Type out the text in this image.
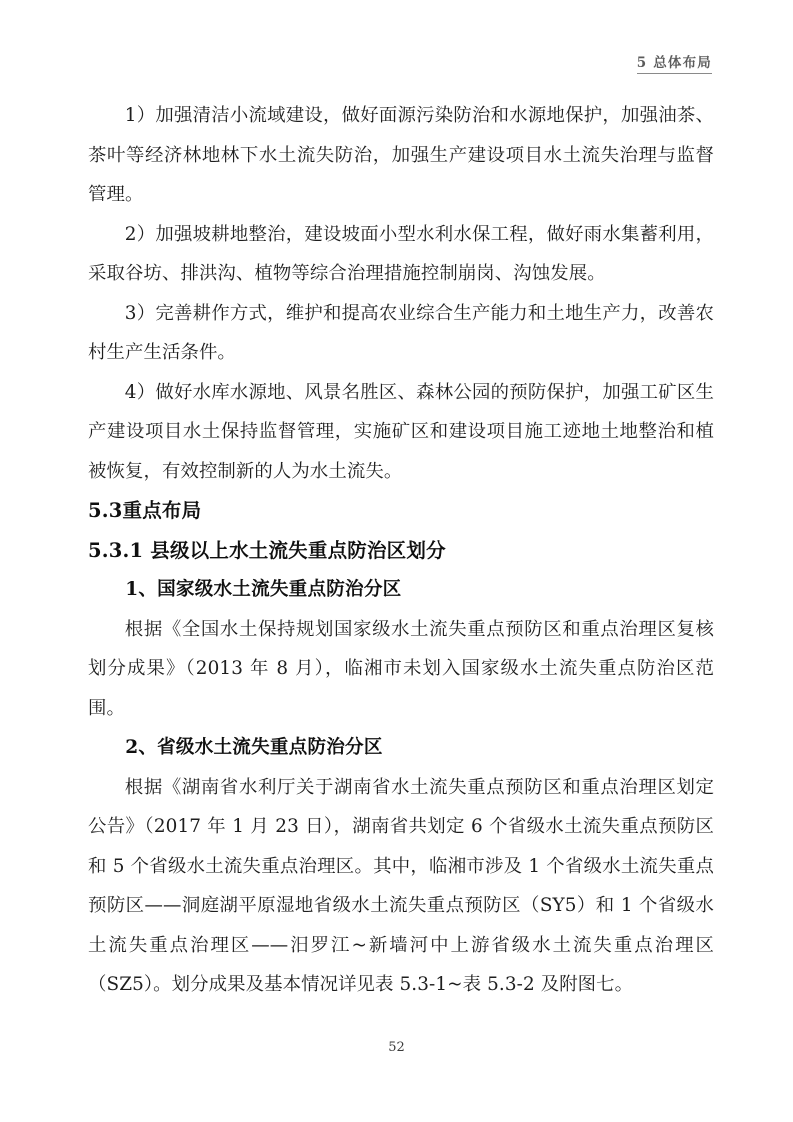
5 总体布局

1）加强清洁小流域建设，做好面源污染防治和水源地保护，加强油茶、茶叶等经济林地林下水土流失防治，加强生产建设项目水土流失治理与监督管理。

2）加强坡耕地整治，建设坡面小型水利水保工程，做好雨水集蓄利用，采取谷坊、排洪沟、植物等综合治理措施控制崩岗、沟蚀发展。

3）完善耕作方式，维护和提高农业综合生产能力和土地生产力，改善农村生产生活条件。

4）做好水库水源地、风景名胜区、森林公园的预防保护，加强工矿区生产建设项目水土保持监督管理，实施矿区和建设项目施工迹地土地整治和植被恢复，有效控制新的人为水土流失。

5.3重点布局
5.3.1 县级以上水土流失重点防治区划分
1、国家级水土流失重点防治分区

根据《全国水土保持规划国家级水土流失重点预防区和重点治理区复核划分成果》（2013 年 8 月），临湘市未划入国家级水土流失重点防治区范围。

2、省级水土流失重点防治分区

根据《湖南省水利厅关于湖南省水土流失重点预防区和重点治理区划定公告》（2017 年 1 月 23 日），湖南省共划定 6 个省级水土流失重点预防区和 5 个省级水土流失重点治理区。其中，临湘市涉及 1 个省级水土流失重点预防区——洞庭湖平原湿地省级水土流失重点预防区（SY5）和 1 个省级水土流失重点治理区——汨罗江~新墙河中上游省级水土流失重点治理区（SZ5）。划分成果及基本情况详见表 5.3-1~表 5.3-2 及附图七。

52
